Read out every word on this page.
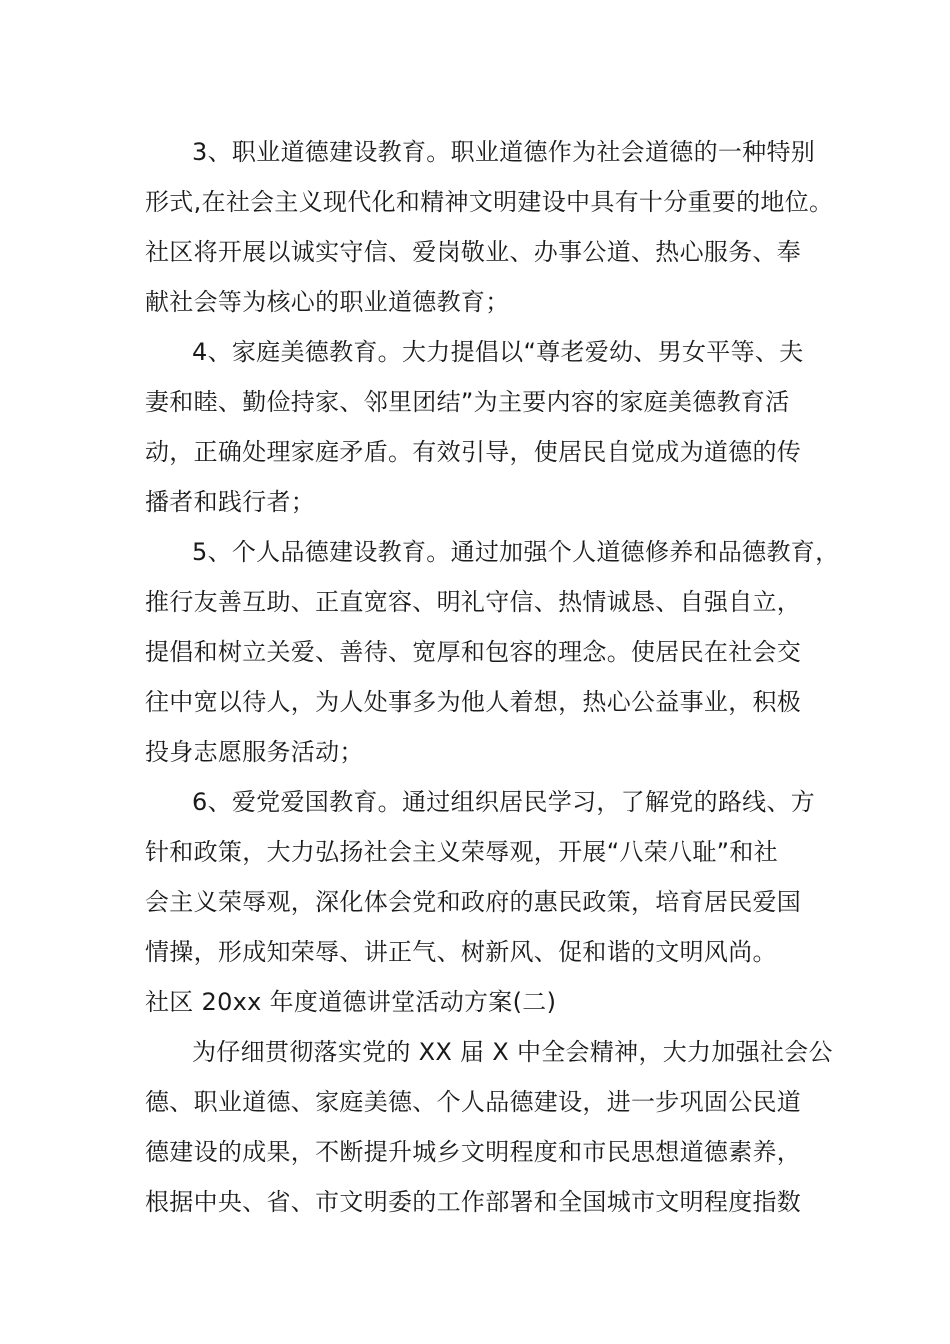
3、职业道德建设教育。职业道德作为社会道德的一种特别
形式,在社会主义现代化和精神文明建设中具有十分重要的地位。
社区将开展以诚实守信、爱岗敬业、办事公道、热心服务、奉
献社会等为核心的职业道德教育；
4、家庭美德教育。大力提倡以“尊老爱幼、男女平等、夫
妻和睦、勤俭持家、邻里团结”为主要内容的家庭美德教育活
动，正确处理家庭矛盾。有效引导，使居民自觉成为道德的传
播者和践行者；
5、个人品德建设教育。通过加强个人道德修养和品德教育，
推行友善互助、正直宽容、明礼守信、热情诚恳、自强自立，
提倡和树立关爱、善待、宽厚和包容的理念。使居民在社会交
往中宽以待人，为人处事多为他人着想，热心公益事业，积极
投身志愿服务活动；
6、爱党爱国教育。通过组织居民学习，了解党的路线、方
针和政策，大力弘扬社会主义荣辱观，开展“八荣八耻”和社
会主义荣辱观，深化体会党和政府的惠民政策，培育居民爱国
情操，形成知荣辱、讲正气、树新风、促和谐的文明风尚。
社区 20xx 年度道德讲堂活动方案(二)
为仔细贯彻落实党的 XX 届 X 中全会精神，大力加强社会公
德、职业道德、家庭美德、个人品德建设，进一步巩固公民道
德建设的成果，不断提升城乡文明程度和市民思想道德素养，
根据中央、省、市文明委的工作部署和全国城市文明程度指数
